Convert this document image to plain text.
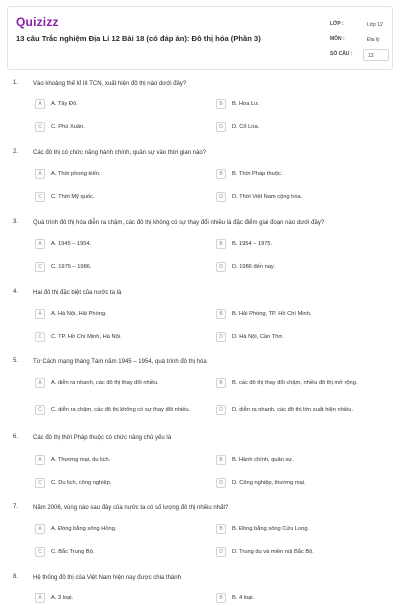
Quizizz
13 câu Trắc nghiệm Địa Lí 12 Bài 18 (có đáp án): Đô thị hóa (Phần 3)
LỚP :	Lớp 12
MÔN :	Địa lý
SỐ CÂU :	13
1. Vào khoảng thế kỉ III TCN, xuất hiện đô thị nào dưới đây?
A	A. Tây Đô.	B	B. Hoa Lư.
C	C. Phú Xuân.	D	D. Cổ Loa.
2. Các đô thị có chức năng hành chính, quân sự vào thời gian nào?
A	A. Thời phong kiến.	B	B. Thời Pháp thuộc.
C	C. Thời Mỹ quốc.	D	D. Thời Việt Nam cộng hòa.
3. Quá trình đô thị hóa diễn ra chậm, các đô thị không có sự thay đổi nhiều là đặc điểm giai đoạn nào dưới đây?
A	A. 1945 – 1954.	B	B. 1954 – 1975.
C	C. 1975 – 1986.	D	D. 1986 đến nay.
4. Hai đô thị đặc biệt của nước ta là
A	A. Hà Nội, Hải Phòng.	B	B. Hải Phòng, TP. Hồ Chí Minh.
C	C. TP. Hồ Chí Minh, Hà Nội.	D	D. Hà Nội, Cần Thơ.
5. Từ Cách mạng tháng Tám năm 1945 – 1954, quá trình đô thị hóa
A	A. diễn ra nhanh, các đô thị thay đổi nhiều.	B	B. các đô thị thay đổi chậm, nhiều đô thị mở rộng.
C	C. diễn ra chậm, các đô thị không có sự thay đổi nhiều.	D	D. diễn ra nhanh, các đô thị lớn xuất hiện nhiều.
6. Các đô thị thời Pháp thuộc có chức năng chủ yếu là
A	A. Thương mại, du lịch.	B	B. Hành chính, quân sự.
C	C. Du lịch, công nghiệp.	D	D. Công nghiệp, thương mại.
7. Năm 2006, vùng nào sau đây của nước ta có số lượng đô thị nhiều nhất?
A	A. Đồng bằng sông Hồng.	B	B. Đồng bằng sông Cửu Long.
C	C. Bắc Trung Bộ.	D	D. Trung du và miền núi Bắc Bộ.
8. Hệ thống đô thị của Việt Nam hiện nay được chia thành
A	A. 3 loại.	B	B. 4 loại.
